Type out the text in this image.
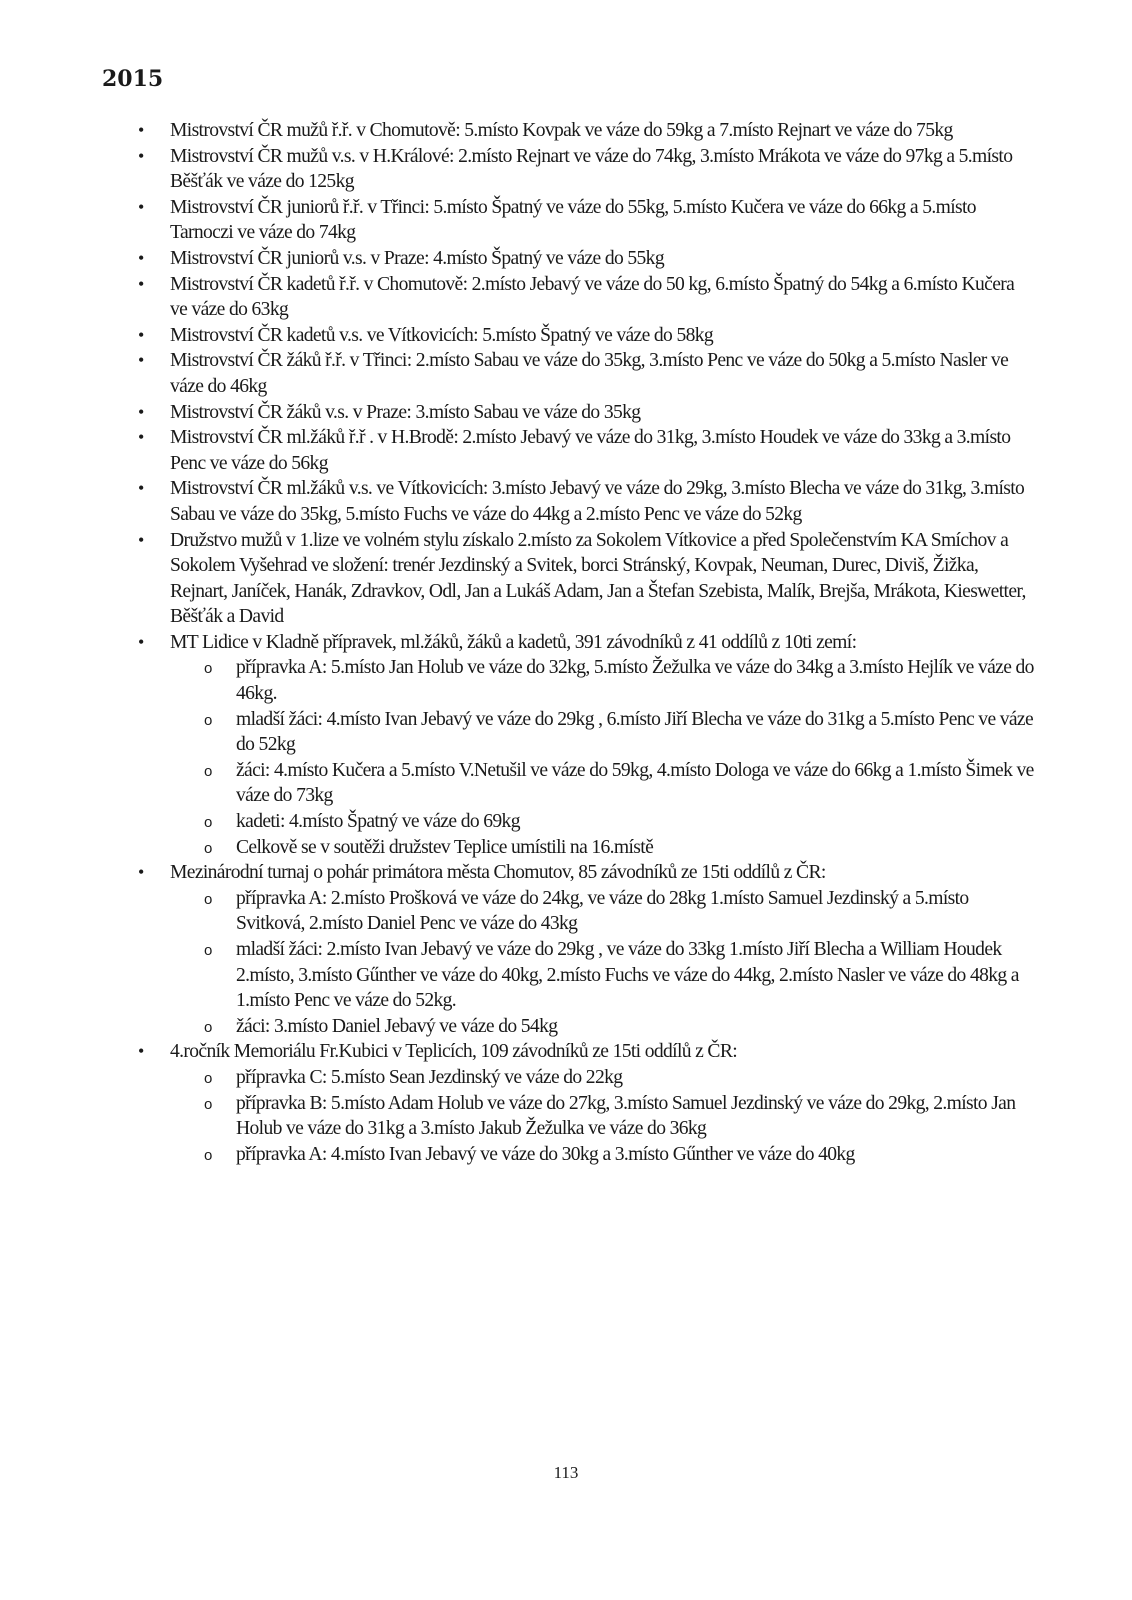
2015
• Mistrovství ČR mužů ř.ř. v Chomutově: 5.místo Kovpak ve váze do 59kg a 7.místo Rejnart ve váze do 75kg
• Mistrovství ČR mužů v.s. v H.Králové: 2.místo Rejnart ve váze do 74kg, 3.místo Mrákota ve váze do 97kg a 5.místo Běšťák ve váze do 125kg
• Mistrovství ČR juniorů ř.ř. v Třinci: 5.místo Špatný ve váze do 55kg, 5.místo Kučera ve váze do 66kg a 5.místo Tarnoczi ve váze do 74kg
• Mistrovství ČR juniorů v.s. v Praze: 4.místo Špatný ve váze do 55kg
• Mistrovství ČR kadetů ř.ř. v Chomutově: 2.místo Jebavý ve váze do 50 kg, 6.místo Špatný do 54kg a 6.místo Kučera ve váze do 63kg
• Mistrovství ČR kadetů v.s. ve Vítkovicích: 5.místo Špatný ve váze do 58kg
• Mistrovství ČR žáků ř.ř. v Třinci: 2.místo Sabau ve váze do 35kg, 3.místo Penc ve váze do 50kg a 5.místo Nasler ve váze do 46kg
• Mistrovství ČR žáků v.s. v Praze: 3.místo Sabau ve váze do 35kg
• Mistrovství ČR ml.žáků ř.ř . v H.Brodě: 2.místo Jebavý ve váze do 31kg, 3.místo Houdek ve váze do 33kg a 3.místo Penc ve váze do 56kg
• Mistrovství ČR ml.žáků v.s. ve Vítkovicích: 3.místo Jebavý ve váze do 29kg, 3.místo Blecha ve váze do 31kg, 3.místo Sabau ve váze do 35kg, 5.místo Fuchs ve váze do 44kg a 2.místo Penc ve váze do 52kg
• Družstvo mužů v 1.lize ve volném stylu získalo 2.místo za Sokolem Vítkovice a před Společenstvím KA Smíchov a Sokolem Vyšehrad ve složení: trenér Jezdinský a Svitek, borci Stránský, Kovpak, Neuman, Durec, Diviš, Žižka, Rejnart, Janíček, Hanák, Zdravkov, Odl, Jan a Lukáš Adam, Jan a Štefan Szebista, Malík, Brejša, Mrákota, Kieswetter, Běšťák a David
• MT Lidice v Kladně přípravek, ml.žáků, žáků a kadetů, 391 závodníků z 41 oddílů z 10ti zemí:
o přípravka A: 5.místo Jan Holub ve váze do 32kg, 5.místo Žežulka ve váze do 34kg a 3.místo Hejlík ve váze do 46kg.
o mladší žáci: 4.místo Ivan Jebavý ve váze do 29kg , 6.místo Jiří Blecha ve váze do 31kg a 5.místo Penc ve váze do 52kg
o žáci: 4.místo Kučera a 5.místo V.Netušil ve váze do 59kg, 4.místo Dologa ve váze do 66kg a 1.místo Šimek ve váze do 73kg
o kadeti: 4.místo Špatný ve váze do 69kg
o Celkově se v soutěži družstev Teplice umístili na 16.místě
• Mezinárodní turnaj o pohár primátora města Chomutov, 85 závodníků ze 15ti oddílů z ČR:
o přípravka A: 2.místo Prošková ve váze do 24kg, ve váze do 28kg 1.místo Samuel Jezdinský a 5.místo Svitková, 2.místo Daniel Penc ve váze do 43kg
o mladší žáci: 2.místo Ivan Jebavý ve váze do 29kg , ve váze do 33kg 1.místo Jiří Blecha a William Houdek 2.místo, 3.místo Gűnther ve váze do 40kg, 2.místo Fuchs ve váze do 44kg, 2.místo Nasler ve váze do 48kg a 1.místo Penc ve váze do 52kg.
o žáci: 3.místo Daniel Jebavý ve váze do 54kg
• 4.ročník Memoriálu Fr.Kubici v Teplicích, 109 závodníků ze 15ti oddílů z ČR:
o přípravka C: 5.místo Sean Jezdinský ve váze do 22kg
o přípravka B: 5.místo Adam Holub ve váze do 27kg, 3.místo Samuel Jezdinský ve váze do 29kg, 2.místo Jan Holub ve váze do 31kg a 3.místo Jakub Žežulka ve váze do 36kg
o přípravka A: 4.místo Ivan Jebavý ve váze do 30kg a 3.místo Gűnther ve váze do 40kg
113
